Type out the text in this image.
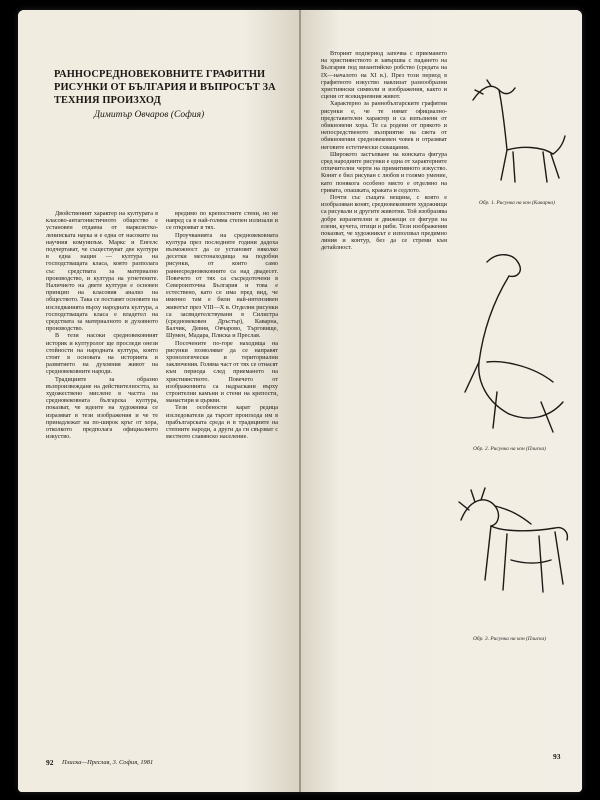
РАННОСРЕДНОВЕКОВНИТЕ ГРАФИТНИ РИСУНКИ ОТ БЪЛГАРИЯ И ВЪПРОСЪТ ЗА ТЕХНИЯ ПРОИЗХОД
Димитър Овчаров (София)

Двойственият характер на културата в класово-антагонистичното общество е установен отдавна от марксистко-ленинската наука и е една от насоките на научния комунизъм. Маркс и Енгелс подчертават, че съществуват две култури в една нация — култура на господстващата класа, която разполага със средствата за материално производство, и култура на угнетените. Наличието на двете култури е основен принцип на класовия анализ на обществото. Така се поставят основите на изследванията върху народната култура, а господстващата класа е владетел на средствата за материалното и духовното производство.

В тези насоки средновековният историк и културолог ще проследи онези стойности на народната култура, които стоят в основата на историята и развитието на духовния живот на средновековните народи.

Традициите за образно възпроизвеждане на действителността, за художествено мислене в частта на средновековната българска култура, показват, че идеите на художника се изразяват в тези изображения и че те принадлежат на по-широк кръг от хора, отколкото предполага официалното изкуство.

вредимо по крепостните стени, но не навред са в най-голяма степен излизали и се открояват в тях.

Проучванията на средновековната култура през последните години дадоха възможност да се установят няколко десетки местонаходища на подобни рисунки, от които само раннесредновековните са над двадесет. Повечето от тях са съсредоточени в Североизточна България и това е естествено, като се има пред вид, че именно там е били най-интензивен животът през VIII—X в. Отделни рисунки са засвидетелствувани в Силистра (средновековен Дръстър), Каварна, Балчик, Девня, Овчарово, Търговище, Шумен, Мадара, Плиска и Преслав.

Посочените по-горе находища на рисунки позволяват да се направят хронологически и териториални заключения. Голяма част от тях се отнасят към периода след приемането на християнството. Повечето от изображенията са надраскани върху строителни камъни и стени на крепости, манастири и църкви.

Тези особености карат редица изследователи да търсят произхода им в прабългарската среда и в традициите на степните народи, а други да ги свързват с местното славянско население.

92 Плиска—Преслав, 3. София, 1981

Вторият подпериод започва с приемането на християнството и завършва с падането на България под византийско робство (средата на IX—началото на XI в.). През този период в графитното изкуство навлизат разнообразни християнски символи и изображения, както и сцени от всекидневния живот.

Характерно за раннобългарските графитни рисунки е, че те нямат официално-представителен характер и са изпълнени от обикновени хора. Те са родени от прякото и непосредственото възприятие на света от обикновения средновековен човек и отразяват неговите естетически схващания.

Широкото застъпване на конската фигура сред народните рисунки е една от характерните отличителни черти на примитивното изкуство. Конят е бил рисуван с любов и голямо умение, като понякога особено място е отделяно на гривата, опашката, краката и седлото.

Почти със същата вещина, с която е изобразяван конят, средновековните художници са рисували и другите животни. Той изобразява добре изразителни и движещи се фигури на елени, кучета, птици и риби. Тези изображения показват, че художникът е използвал предимно линия и контур, без да се стреми към детайлност.

Обр. 1. Рисунка на кон (Каварна)
Обр. 2. Рисунка на кон (Плиска)
Обр. 3. Рисунка на кон (Плиска)
93
